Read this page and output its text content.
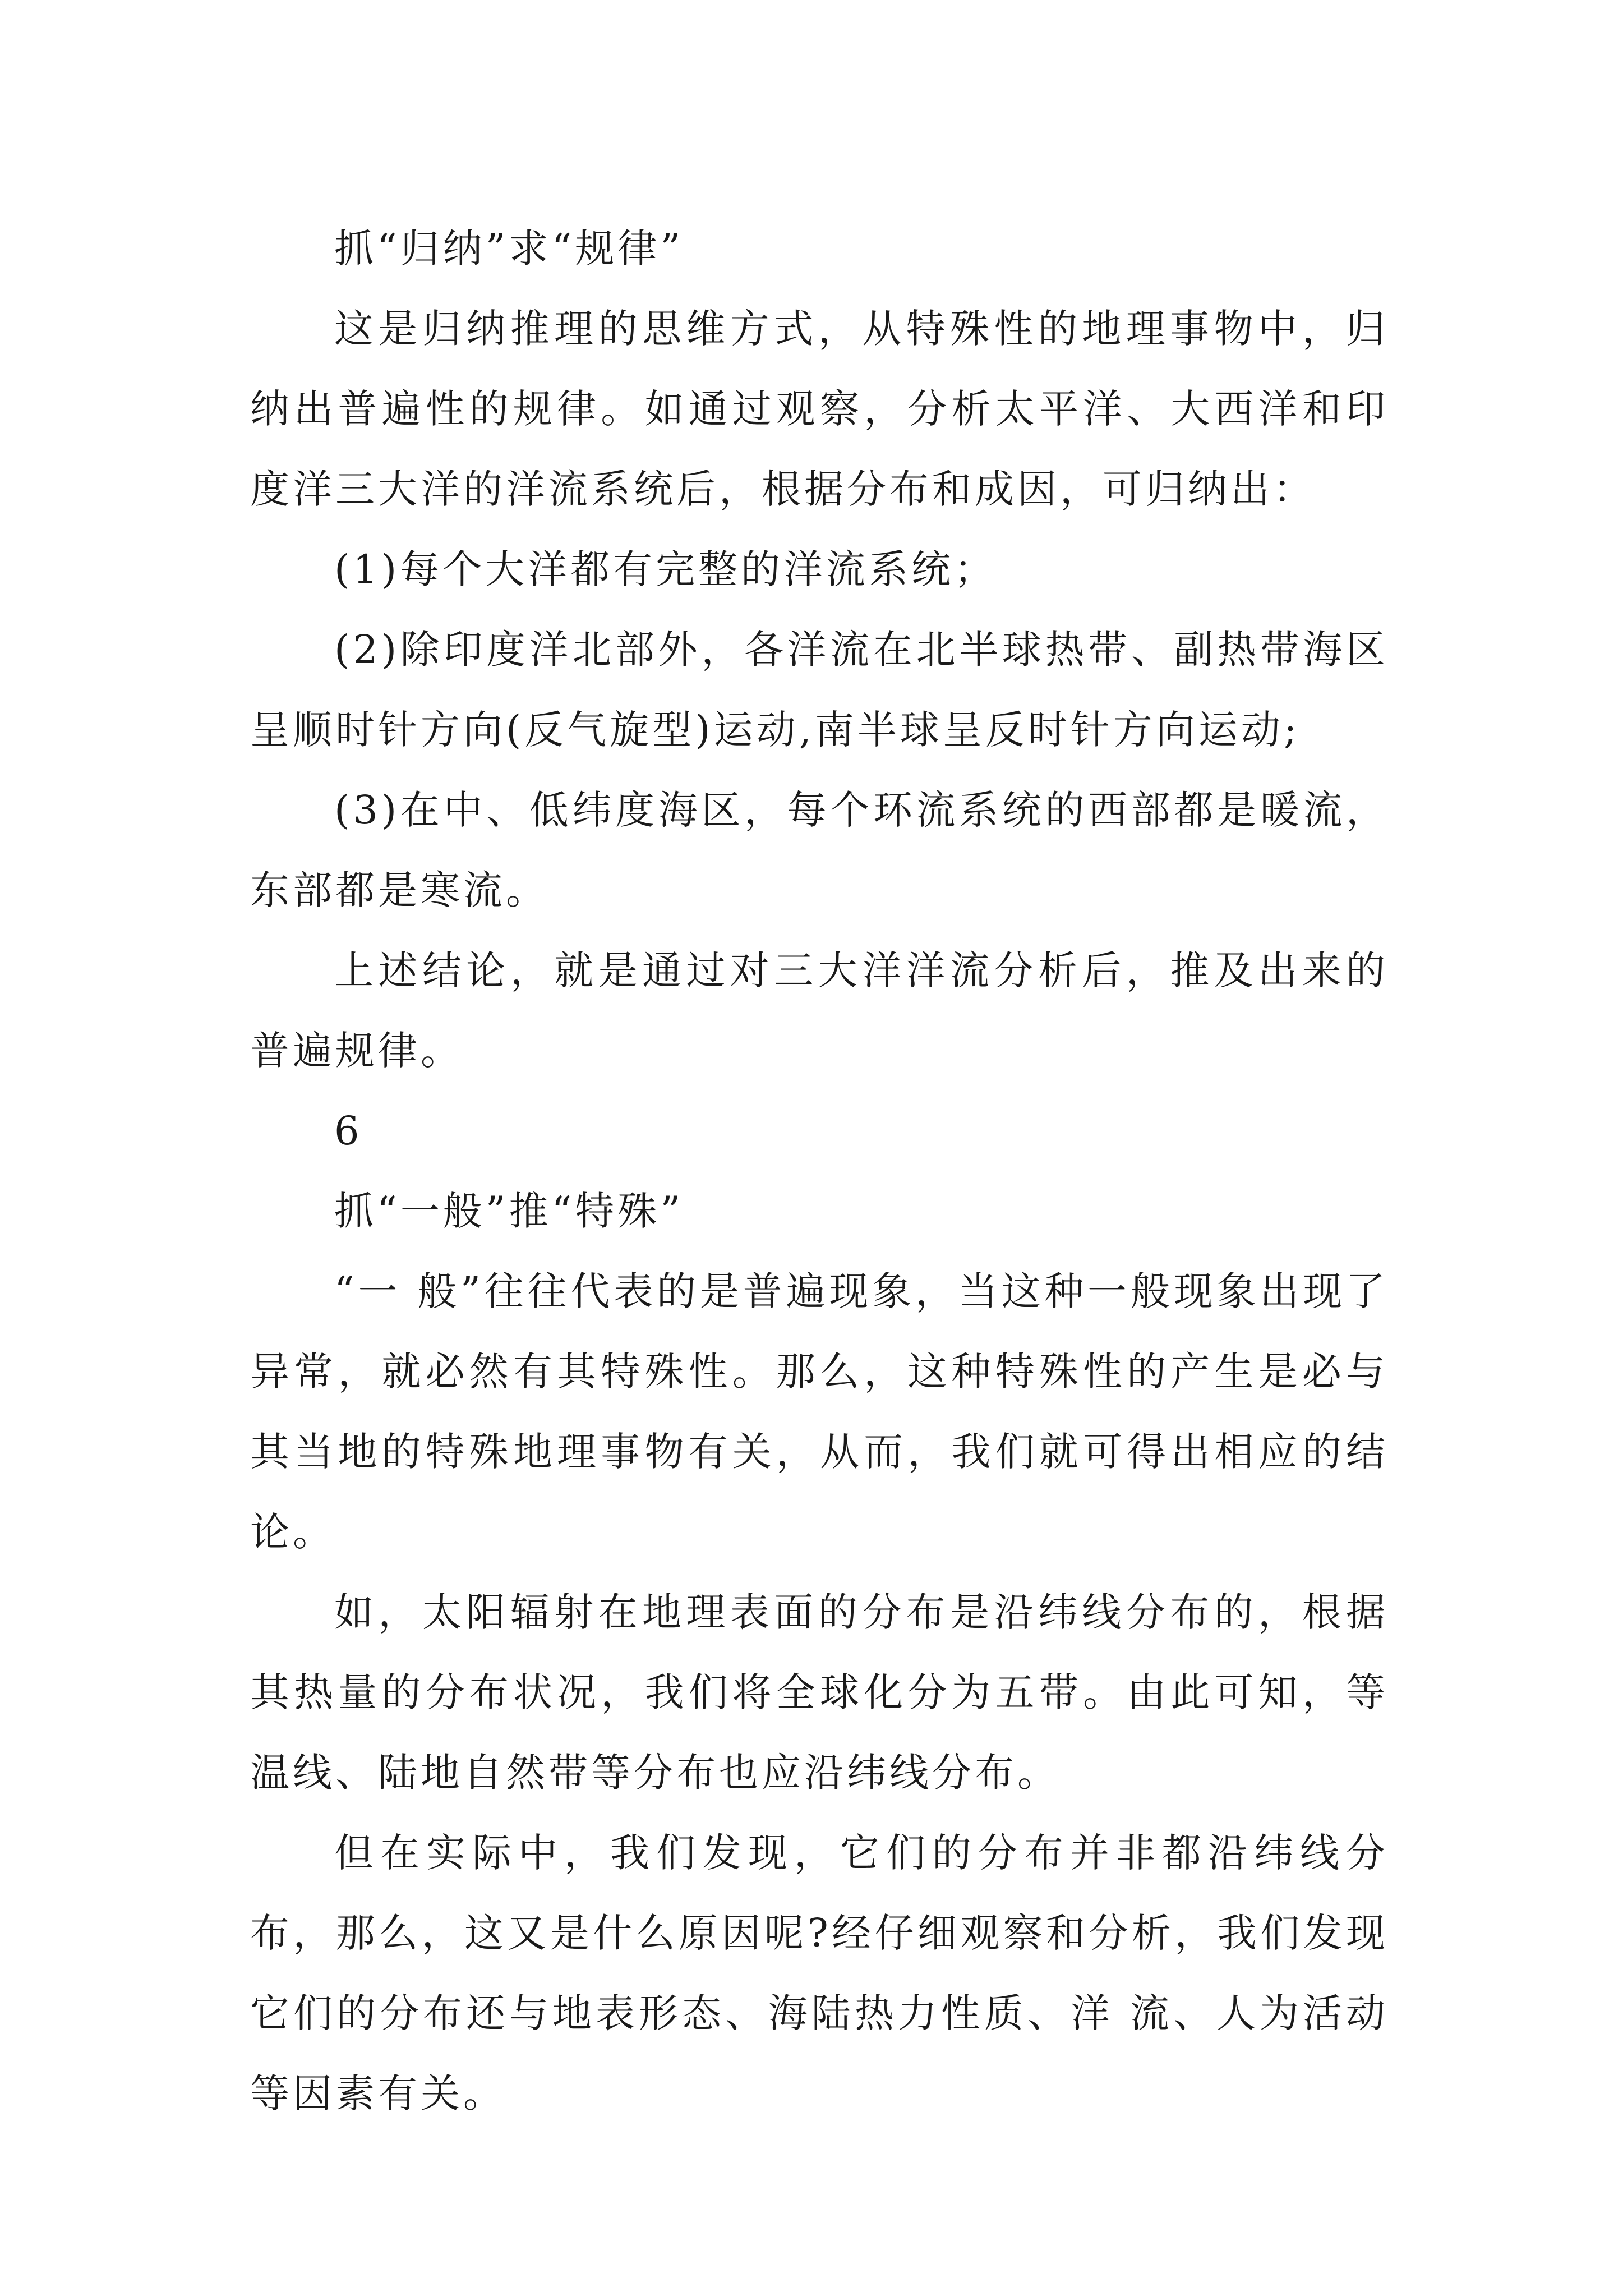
抓“归纳”求“规律”

这是归纳推理的思维方式，从特殊性的地理事物中，归纳出普遍性的规律。如通过观察，分析太平洋、大西洋和印度洋三大洋的洋流系统后，根据分布和成因，可归纳出：

(1)每个大洋都有完整的洋流系统；

(2)除印度洋北部外，各洋流在北半球热带、副热带海区呈顺时针方向(反气旋型)运动,南半球呈反时针方向运动;

(3)在中、低纬度海区，每个环流系统的西部都是暖流，东部都是寒流。

上述结论，就是通过对三大洋洋流分析后，推及出来的普遍规律。

6

抓“一般”推“特殊”

“一 般”往往代表的是普遍现象，当这种一般现象出现了异常，就必然有其特殊性。那么，这种特殊性的产生是必与其当地的特殊地理事物有关，从而，我们就可得出相应的结论。

如，太阳辐射在地理表面的分布是沿纬线分布的，根据其热量的分布状况，我们将全球化分为五带。由此可知，等温线、陆地自然带等分布也应沿纬线分布。

但在实际中，我们发现，它们的分布并非都沿纬线分布，那么，这又是什么原因呢?经仔细观察和分析，我们发现它们的分布还与地表形态、海陆热力性质、洋 流、人为活动等因素有关。
